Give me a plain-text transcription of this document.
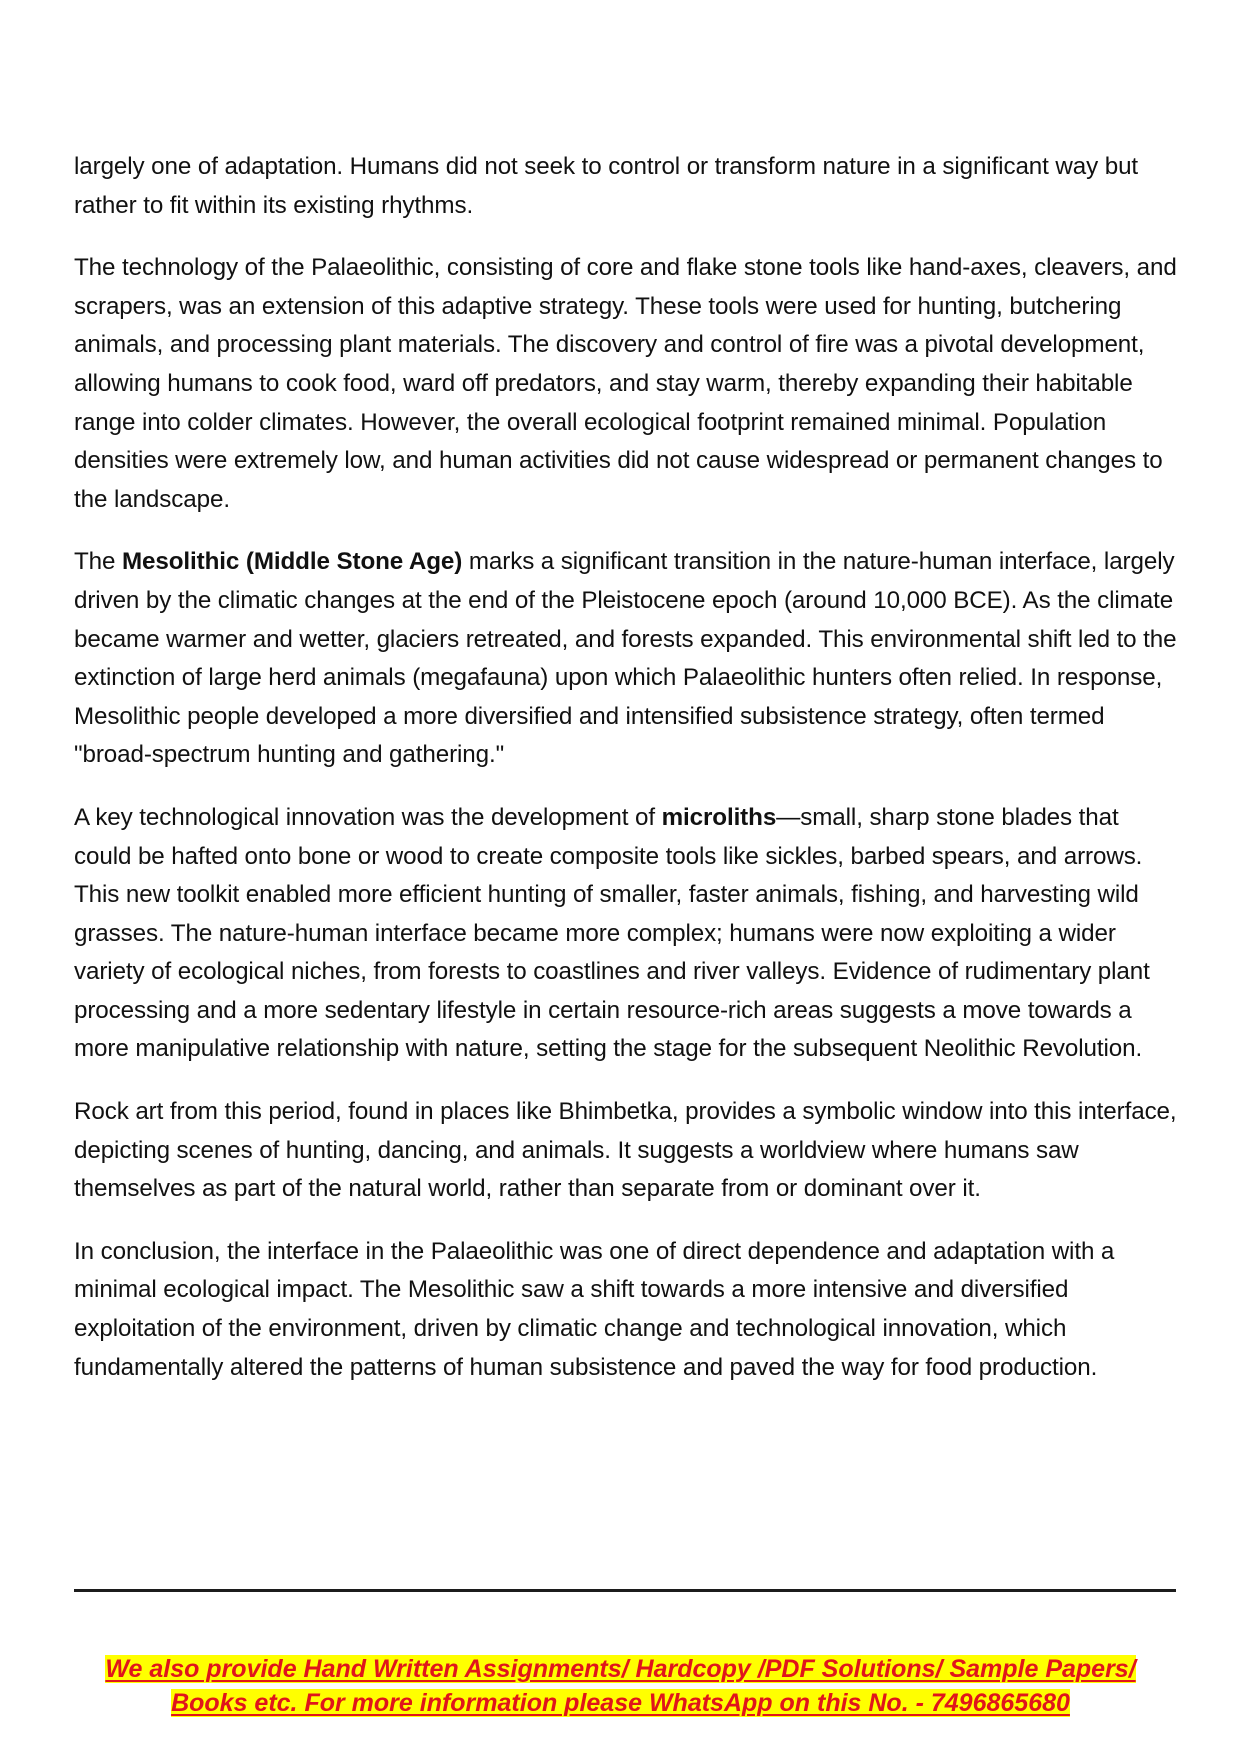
largely one of adaptation. Humans did not seek to control or transform nature in a significant way but rather to fit within its existing rhythms.

The technology of the Palaeolithic, consisting of core and flake stone tools like hand-axes, cleavers, and scrapers, was an extension of this adaptive strategy. These tools were used for hunting, butchering animals, and processing plant materials. The discovery and control of fire was a pivotal development, allowing humans to cook food, ward off predators, and stay warm, thereby expanding their habitable range into colder climates. However, the overall ecological footprint remained minimal. Population densities were extremely low, and human activities did not cause widespread or permanent changes to the landscape.

The Mesolithic (Middle Stone Age) marks a significant transition in the nature-human interface, largely driven by the climatic changes at the end of the Pleistocene epoch (around 10,000 BCE). As the climate became warmer and wetter, glaciers retreated, and forests expanded. This environmental shift led to the extinction of large herd animals (megafauna) upon which Palaeolithic hunters often relied. In response, Mesolithic people developed a more diversified and intensified subsistence strategy, often termed "broad-spectrum hunting and gathering."

A key technological innovation was the development of microliths—small, sharp stone blades that could be hafted onto bone or wood to create composite tools like sickles, barbed spears, and arrows. This new toolkit enabled more efficient hunting of smaller, faster animals, fishing, and harvesting wild grasses. The nature-human interface became more complex; humans were now exploiting a wider variety of ecological niches, from forests to coastlines and river valleys. Evidence of rudimentary plant processing and a more sedentary lifestyle in certain resource-rich areas suggests a move towards a more manipulative relationship with nature, setting the stage for the subsequent Neolithic Revolution.

Rock art from this period, found in places like Bhimbetka, provides a symbolic window into this interface, depicting scenes of hunting, dancing, and animals. It suggests a worldview where humans saw themselves as part of the natural world, rather than separate from or dominant over it.

In conclusion, the interface in the Palaeolithic was one of direct dependence and adaptation with a minimal ecological impact. The Mesolithic saw a shift towards a more intensive and diversified exploitation of the environment, driven by climatic change and technological innovation, which fundamentally altered the patterns of human subsistence and paved the way for food production.

We also provide Hand Written Assignments/ Hardcopy /PDF Solutions/ Sample Papers/
Books etc. For more information please WhatsApp on this No. - 7496865680
